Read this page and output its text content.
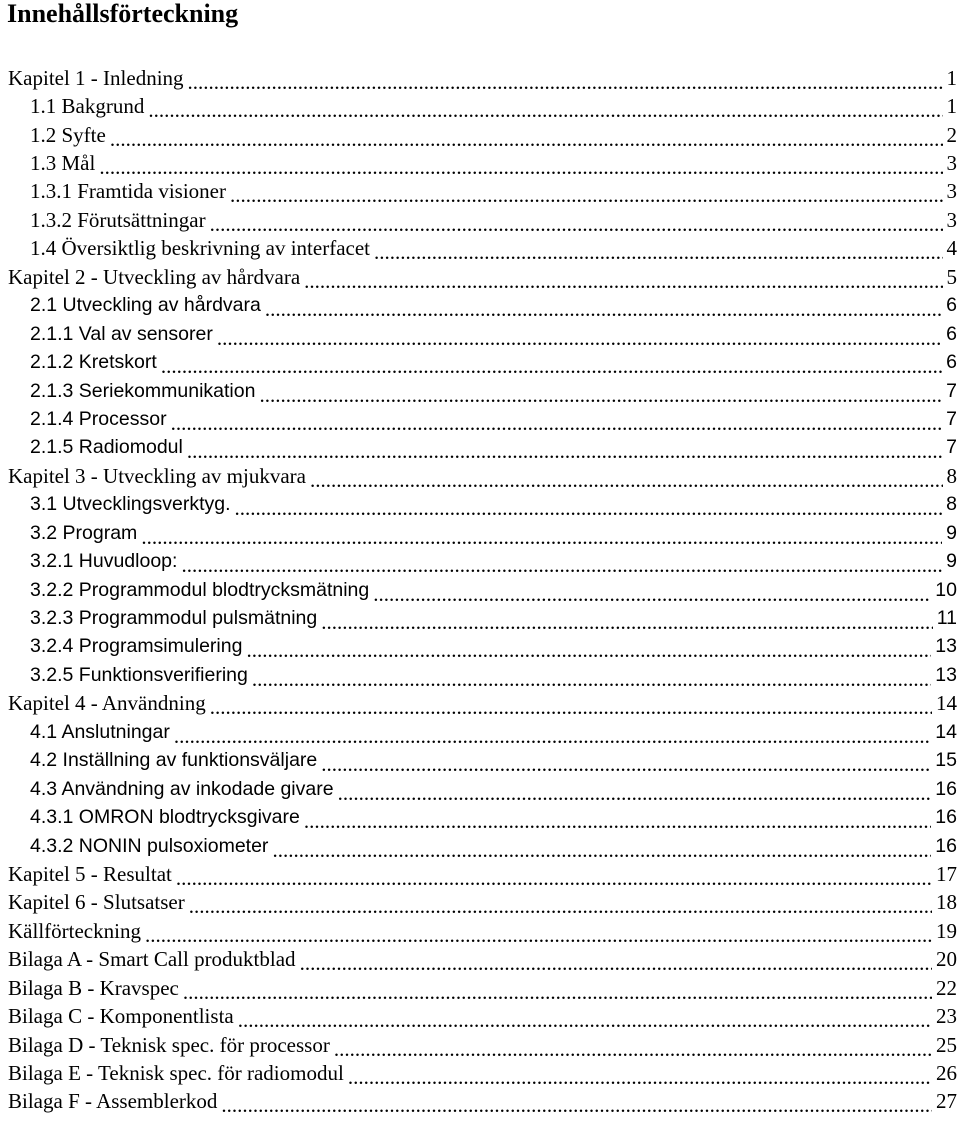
Innehållsförteckning
Kapitel 1 - Inledning .....	1
1.1 Bakgrund .....	1
1.2 Syfte .....	2
1.3 Mål .....	3
1.3.1 Framtida visioner .....	3
1.3.2 Förutsättningar .....	3
1.4 Översiktlig beskrivning av interfacet .....	4
Kapitel 2 - Utveckling av hårdvara .....	5
2.1 Utveckling av hårdvara .....	6
2.1.1 Val av sensorer .....	6
2.1.2 Kretskort .....	6
2.1.3 Seriekommunikation .....	7
2.1.4 Processor .....	7
2.1.5 Radiomodul .....	7
Kapitel 3 - Utveckling av mjukvara .....	8
3.1 Utvecklingsverktyg. .....	8
3.2 Program .....	9
3.2.1 Huvudloop: .....	9
3.2.2 Programmodul blodtrycksmätning .....	10
3.2.3 Programmodul pulsmätning .....	11
3.2.4 Programsimulering .....	13
3.2.5 Funktionsverifiering .....	13
Kapitel 4 - Användning .....	14
4.1 Anslutningar .....	14
4.2 Inställning av funktionsväljare .....	15
4.3 Användning av inkodade givare .....	16
4.3.1 OMRON blodtrycksgivare .....	16
4.3.2 NONIN pulsoxiometer .....	16
Kapitel 5 - Resultat .....	17
Kapitel 6 - Slutsatser .....	18
Källförteckning .....	19
Bilaga A - Smart Call produktblad .....	20
Bilaga B - Kravspec .....	22
Bilaga C - Komponentlista .....	23
Bilaga D - Teknisk spec. för processor .....	25
Bilaga E - Teknisk spec. för radiomodul .....	26
Bilaga F - Assemblerkod .....	27
